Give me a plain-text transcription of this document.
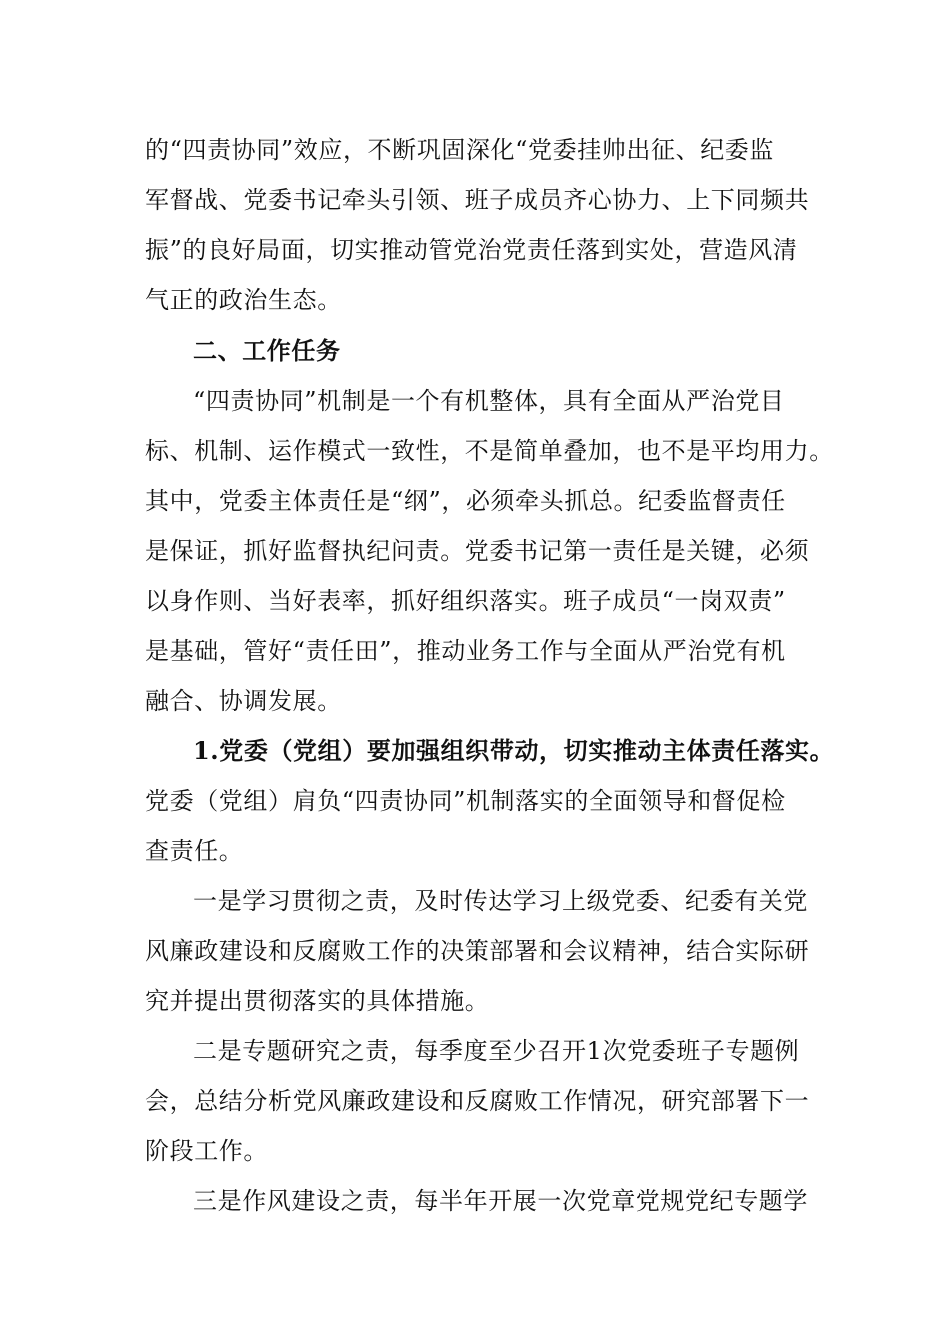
的“四责协同”效应，不断巩固深化“党委挂帅出征、纪委监
军督战、党委书记牵头引领、班子成员齐心协力、上下同频共
振”的良好局面，切实推动管党治党责任落到实处，营造风清
气正的政治生态。
二、工作任务
“四责协同”机制是一个有机整体，具有全面从严治党目
标、机制、运作模式一致性，不是简单叠加，也不是平均用力。
其中，党委主体责任是“纲”，必须牵头抓总。纪委监督责任
是保证，抓好监督执纪问责。党委书记第一责任是关键，必须
以身作则、当好表率，抓好组织落实。班子成员“一岗双责”
是基础，管好“责任田”，推动业务工作与全面从严治党有机
融合、协调发展。
1.党委（党组）要加强组织带动，切实推动主体责任落实。
党委（党组）肩负“四责协同”机制落实的全面领导和督促检
查责任。
一是学习贯彻之责，及时传达学习上级党委、纪委有关党
风廉政建设和反腐败工作的决策部署和会议精神，结合实际研
究并提出贯彻落实的具体措施。
二是专题研究之责，每季度至少召开1次党委班子专题例
会，总结分析党风廉政建设和反腐败工作情况，研究部署下一
阶段工作。
三是作风建设之责，每半年开展一次党章党规党纪专题学
